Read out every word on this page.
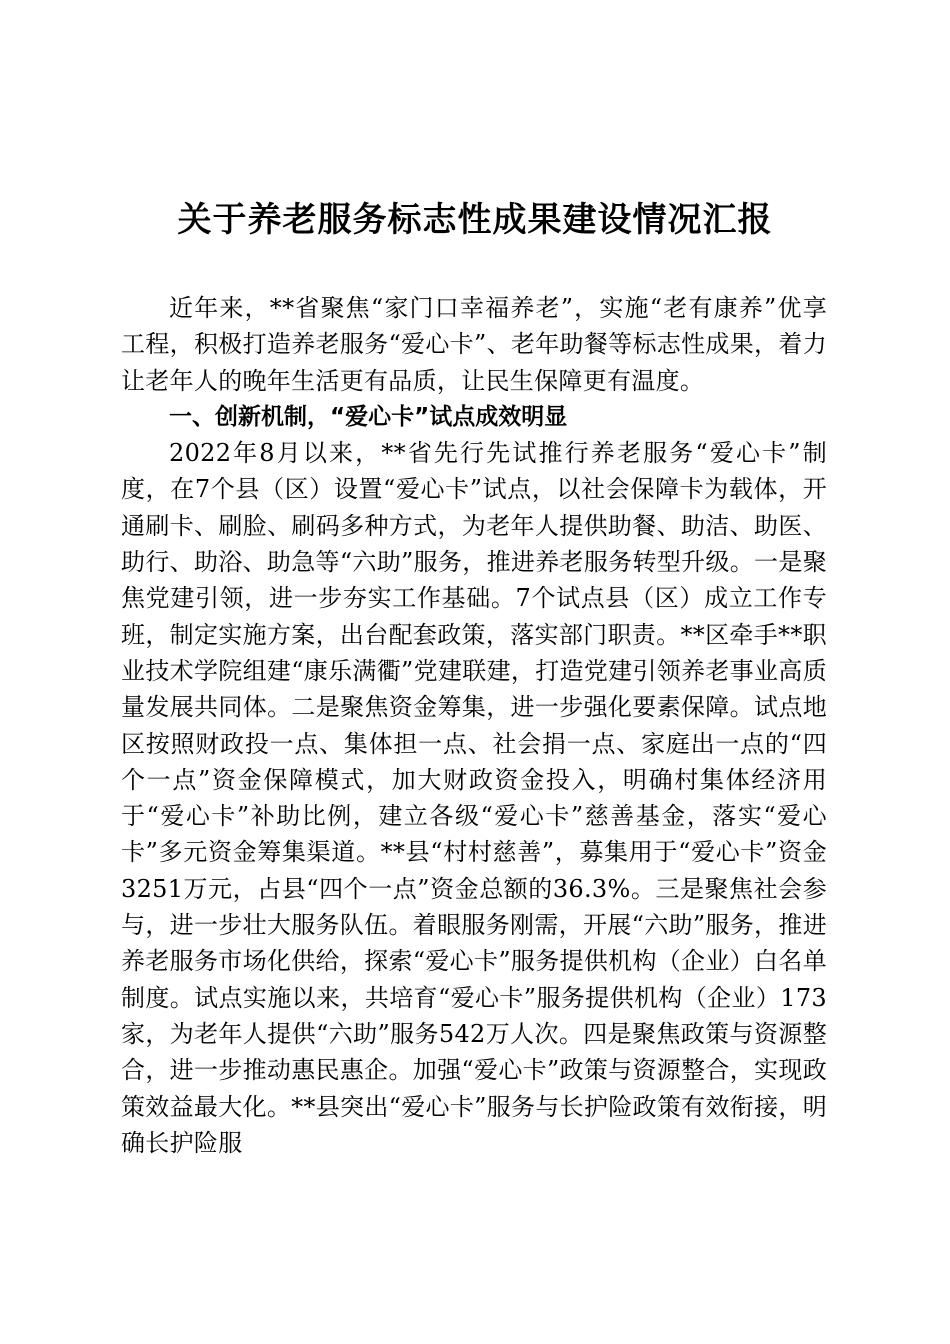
关于养老服务标志性成果建设情况汇报

近年来，**省聚焦“家门口幸福养老”，实施“老有康养”优享工程，积极打造养老服务“爱心卡”、老年助餐等标志性成果，着力让老年人的晚年生活更有品质，让民生保障更有温度。

一、创新机制，“爱心卡”试点成效明显

2022年8月以来，**省先行先试推行养老服务“爱心卡”制度，在7个县（区）设置“爱心卡”试点，以社会保障卡为载体，开通刷卡、刷脸、刷码多种方式，为老年人提供助餐、助洁、助医、助行、助浴、助急等“六助”服务，推进养老服务转型升级。一是聚焦党建引领，进一步夯实工作基础。7个试点县（区）成立工作专班，制定实施方案，出台配套政策，落实部门职责。**区牵手**职业技术学院组建“康乐满衢”党建联建，打造党建引领养老事业高质量发展共同体。二是聚焦资金筹集，进一步强化要素保障。试点地区按照财政投一点、集体担一点、社会捐一点、家庭出一点的“四个一点”资金保障模式，加大财政资金投入，明确村集体经济用于“爱心卡”补助比例，建立各级“爱心卡”慈善基金，落实“爱心卡”多元资金筹集渠道。**县“村村慈善”，募集用于“爱心卡”资金3251万元，占县“四个一点”资金总额的36.3%。三是聚焦社会参与，进一步壮大服务队伍。着眼服务刚需，开展“六助”服务，推进养老服务市场化供给，探索“爱心卡”服务提供机构（企业）白名单制度。试点实施以来，共培育“爱心卡”服务提供机构（企业）173家，为老年人提供“六助”服务542万人次。四是聚焦政策与资源整合，进一步推动惠民惠企。加强“爱心卡”政策与资源整合，实现政策效益最大化。**县突出“爱心卡”服务与长护险政策有效衔接，明确长护险服
